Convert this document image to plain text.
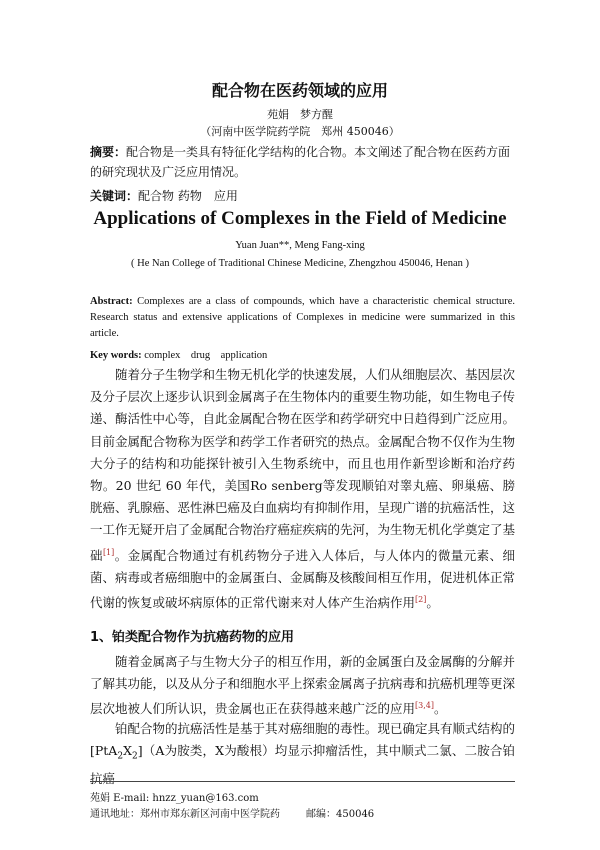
配合物在医药领域的应用
苑娟　梦方醒
（河南中医学院药学院　郑州 450046）
摘要：配合物是一类具有特征化学结构的化合物。本文阐述了配合物在医药方面的研究现状及广泛应用情况。
关键词：配合物 药物　应用
Applications of Complexes in the Field of Medicine
Yuan Juan**, Meng Fang-xing
( He Nan College of Traditional Chinese Medicine, Zhengzhou 450046, Henan )
Abstract: Complexes are a class of compounds, which have a characteristic chemical structure. Research status and extensive applications of Complexes in medicine were summarized in this article.
Key words: complex　drug　application

随着分子生物学和生物无机化学的快速发展，人们从细胞层次、基因层次及分子层次上逐步认识到金属离子在生物体内的重要生物功能，如生物电子传递、酶活性中心等，自此金属配合物在医学和药学研究中日趋得到广泛应用。目前金属配合物称为医学和药学工作者研究的热点。金属配合物不仅作为生物大分子的结构和功能探针被引入生物系统中，而且也用作新型诊断和治疗药物。20 世纪 60 年代，美国Ro senberg等发现顺铂对睾丸癌、卵巢癌、膀胱癌、乳腺癌、恶性淋巴癌及白血病均有抑制作用，呈现广谱的抗癌活性，这一工作无疑开启了金属配合物治疗癌症疾病的先河，为生物无机化学奠定了基础[1]。金属配合物通过有机药物分子进入人体后，与人体内的微量元素、细菌、病毒或者癌细胞中的金属蛋白、金属酶及核酸间相互作用，促进机体正常代谢的恢复或破坏病原体的正常代谢来对人体产生治病作用[2]。

1、铂类配合物作为抗癌药物的应用

随着金属离子与生物大分子的相互作用，新的金属蛋白及金属酶的分解并了解其功能，以及从分子和细胞水平上探索金属离子抗病毒和抗癌机理等更深层次地被人们所认识，贵金属也正在获得越来越广泛的应用[3,4]。

铂配合物的抗癌活性是基于其对癌细胞的毒性。现已确定具有顺式结构的 $[PtA_2X_2](A$为胺类，X为酸根）均显示抑瘤活性，其中顺式二氯、二胺合铂抗癌

苑娟 E-mail: hnzz_yuan@163.com
通讯地址：郑州市郑东新区河南中医学院药	邮编：450046
